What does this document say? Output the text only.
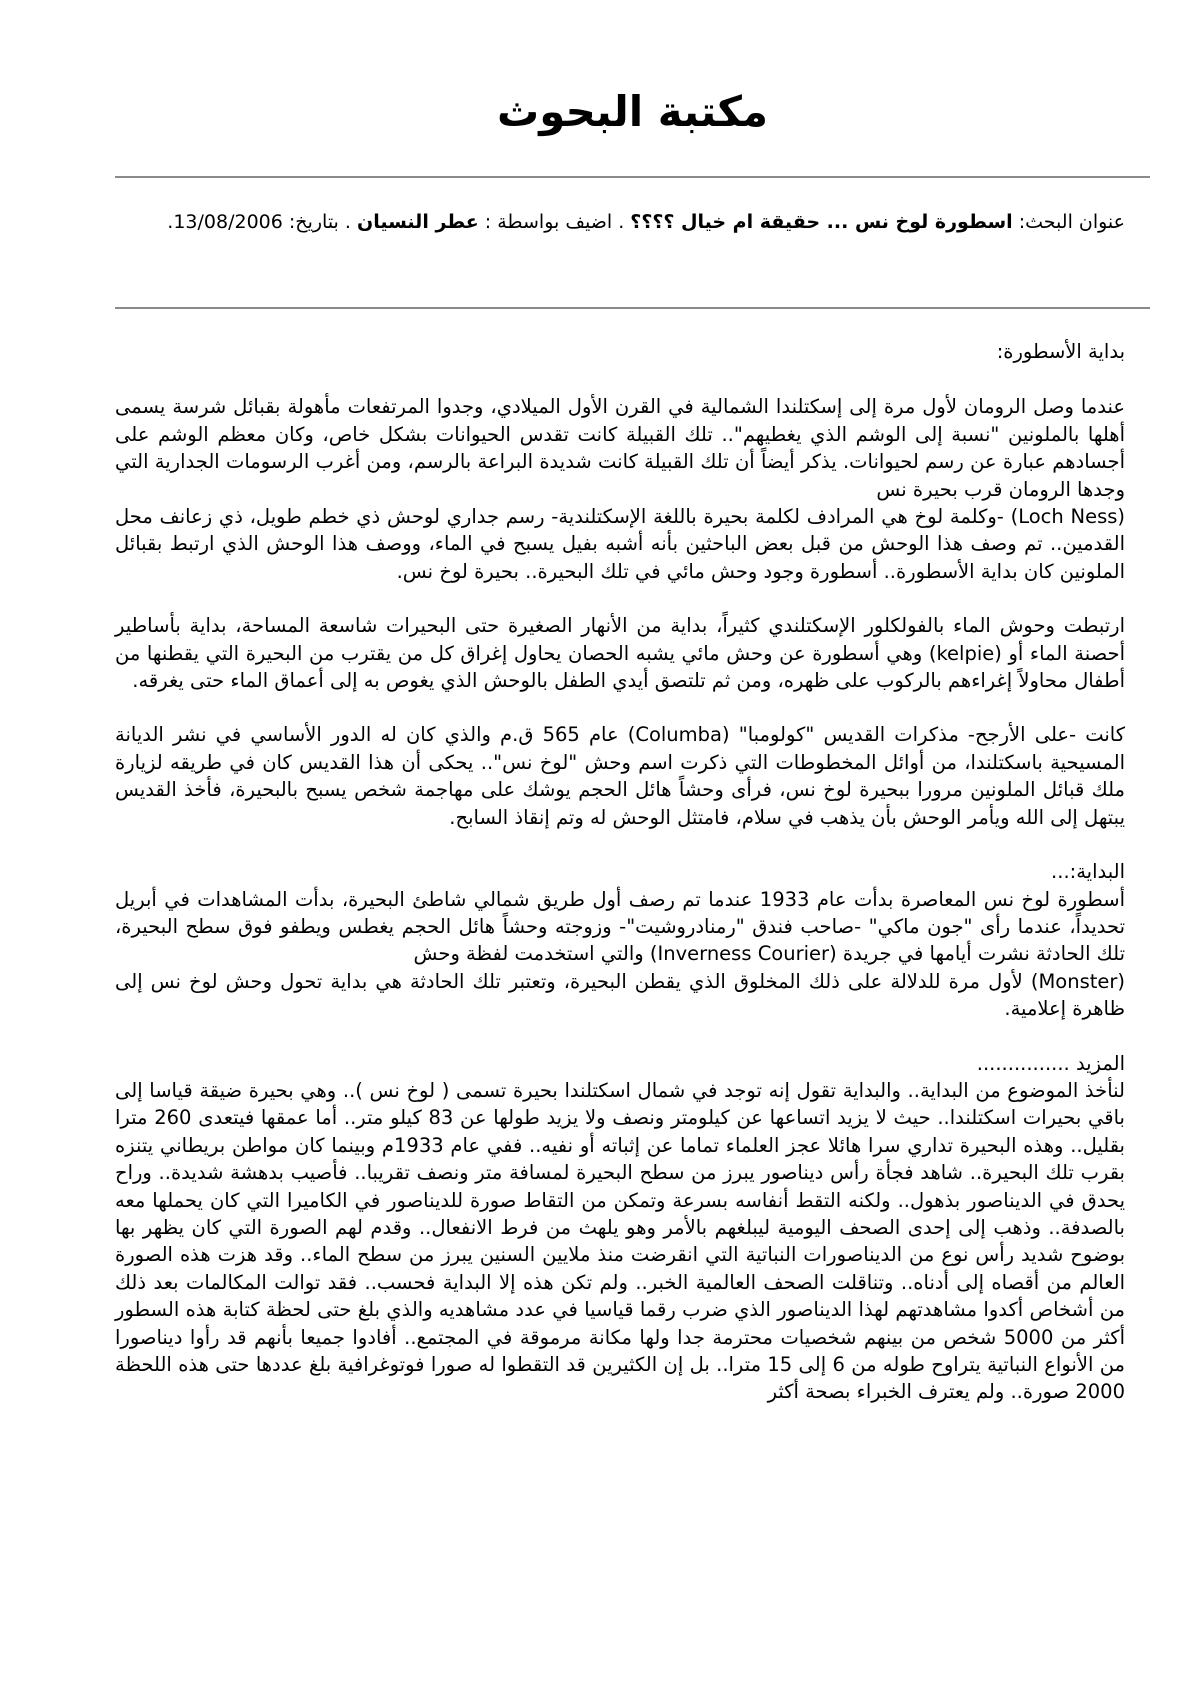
مكتبة البحوث
عنوان البحث: اسطورة لوخ نس ... حقيقة ام خيال ؟؟؟؟ . اضيف بواسطة : عطر النسيان . بتاريخ: 13/08/2006.

بداية الأسطورة:

عندما وصل الرومان لأول مرة إلى إسكتلندا الشمالية في القرن الأول الميلادي، وجدوا المرتفعات مأهولة بقبائل شرسة يسمى أهلها بالملونين "نسبة إلى الوشم الذي يغطيهم".. تلك القبيلة كانت تقدس الحيوانات بشكل خاص، وكان معظم الوشم على أجسادهم عبارة عن رسم لحيوانات. يذكر أيضاً أن تلك القبيلة كانت شديدة البراعة بالرسم، ومن أغرب الرسومات الجدارية التي وجدها الرومان قرب بحيرة نس

(Loch Ness) -وكلمة لوخ هي المرادف لكلمة بحيرة باللغة الإسكتلندية- رسم جداري لوحش ذي خطم طويل، ذي زعانف محل القدمين.. تم وصف هذا الوحش من قبل بعض الباحثين بأنه أشبه بفيل يسبح في الماء، ووصف هذا الوحش الذي ارتبط بقبائل الملونين كان بداية الأسطورة.. أسطورة وجود وحش مائي في تلك البحيرة.. بحيرة لوخ نس.

ارتبطت وحوش الماء بالفولكلور الإسكتلندي كثيراً، بداية من الأنهار الصغيرة حتى البحيرات شاسعة المساحة، بداية بأساطير أحصنة الماء أو (kelpie) وهي أسطورة عن وحش مائي يشبه الحصان يحاول إغراق كل من يقترب من البحيرة التي يقطنها من أطفال محاولاً إغراءهم بالركوب على ظهره، ومن ثم تلتصق أيدي الطفل بالوحش الذي يغوص به إلى أعماق الماء حتى يغرقه.

كانت -على الأرجح- مذكرات القديس "كولومبا" (Columba) عام 565 ق.م والذي كان له الدور الأساسي في نشر الديانة المسيحية باسكتلندا، من أوائل المخطوطات التي ذكرت اسم وحش "لوخ نس".. يحكى أن هذا القديس كان في طريقه لزيارة ملك قبائل الملونين مرورا ببحيرة لوخ نس، فرأى وحشاً هائل الحجم يوشك على مهاجمة شخص يسبح بالبحيرة، فأخذ القديس يبتهل إلى الله ويأمر الوحش بأن يذهب في سلام، فامتثل الوحش له وتم إنقاذ السابح.

البداية:...

أسطورة لوخ نس المعاصرة بدأت عام 1933 عندما تم رصف أول طريق شمالي شاطئ البحيرة، بدأت المشاهدات في أبريل تحديداً، عندما رأى "جون ماكي" -صاحب فندق "رمنادروشيت"- وزوجته وحشاً هائل الحجم يغطس ويطفو فوق سطح البحيرة، تلك الحادثة نشرت أيامها في جريدة (Inverness Courier) والتي استخدمت لفظة وحش

(Monster) لأول مرة للدلالة على ذلك المخلوق الذي يقطن البحيرة، وتعتبر تلك الحادثة هي بداية تحول وحش لوخ نس إلى ظاهرة إعلامية.

المزيد ...............

لنأخذ الموضوع من البداية.. والبداية تقول إنه توجد في شمال اسكتلندا بحيرة تسمى ( لوخ نس ).. وهي بحيرة ضيقة قياسا إلى باقي بحيرات اسكتلندا.. حيث لا يزيد اتساعها عن كيلومتر ونصف ولا يزيد طولها عن 83 كيلو متر.. أما عمقها فيتعدى 260 مترا بقليل.. وهذه البحيرة تداري سرا هائلا عجز العلماء تماما عن إثباته أو نفيه.. ففي عام 1933م وبينما كان مواطن بريطاني يتنزه بقرب تلك البحيرة.. شاهد فجأة رأس ديناصور يبرز من سطح البحيرة لمسافة متر ونصف تقريبا.. فأصيب بدهشة شديدة.. وراح يحدق في الديناصور بذهول.. ولكنه التقط أنفاسه بسرعة وتمكن من التقاط صورة للديناصور في الكاميرا التي كان يحملها معه بالصدفة.. وذهب إلى إحدى الصحف اليومية ليبلغهم بالأمر وهو يلهث من فرط الانفعال.. وقدم لهم الصورة التي كان يظهر بها بوضوح شديد رأس نوع من الديناصورات النباتية التي انقرضت منذ ملايين السنين يبرز من سطح الماء.. وقد هزت هذه الصورة العالم من أقصاه إلى أدناه.. وتناقلت الصحف العالمية الخبر.. ولم تكن هذه إلا البداية فحسب.. فقد توالت المكالمات بعد ذلك من أشخاص أكدوا مشاهدتهم لهذا الديناصور الذي ضرب رقما قياسيا في عدد مشاهديه والذي بلغ حتى لحظة كتابة هذه السطور أكثر من 5000 شخص من بينهم شخصيات محترمة جدا ولها مكانة مرموقة في المجتمع.. أفادوا جميعا بأنهم قد رأوا ديناصورا من الأنواع النباتية يتراوح طوله من 6 إلى 15 مترا.. بل إن الكثيرين قد التقطوا له صورا فوتوغرافية بلغ عددها حتى هذه اللحظة 2000 صورة.. ولم يعترف الخبراء بصحة أكثر
